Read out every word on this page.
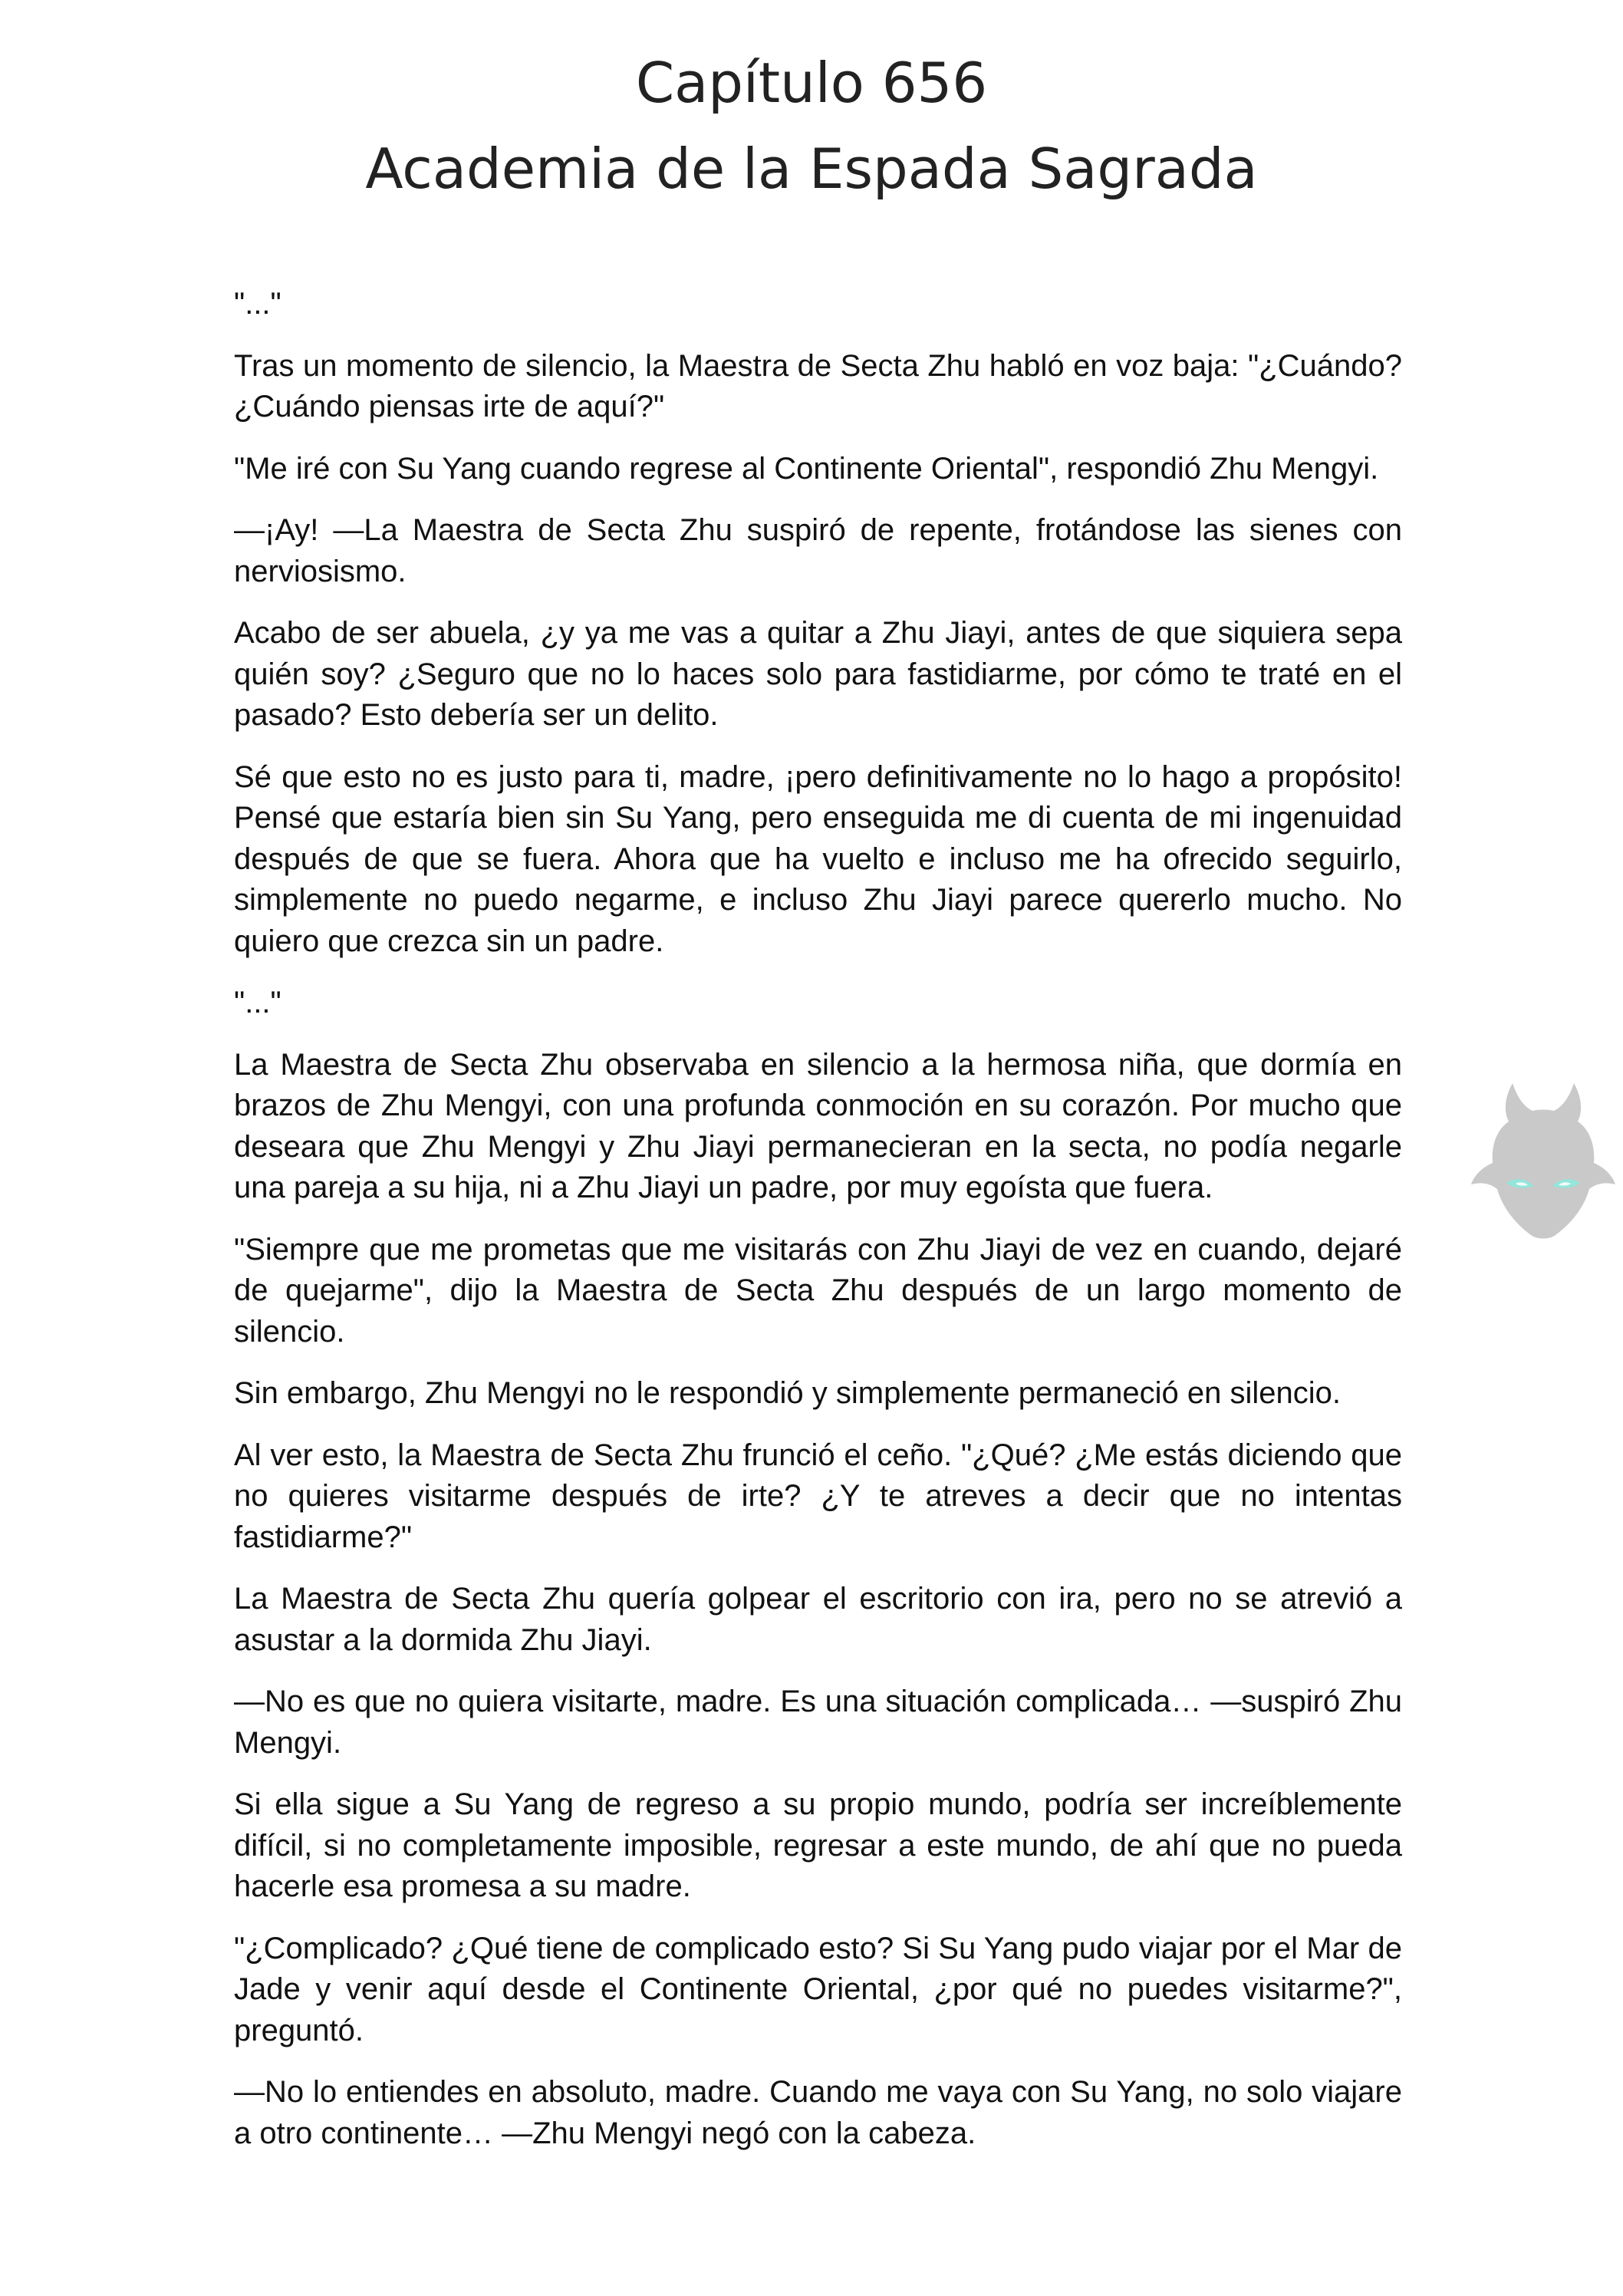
Capítulo 656
Academia de la Espada Sagrada

"..."

Tras un momento de silencio, la Maestra de Secta Zhu habló en voz baja: "¿Cuándo? ¿Cuándo piensas irte de aquí?"

"Me iré con Su Yang cuando regrese al Continente Oriental", respondió Zhu Mengyi.

—¡Ay! —La Maestra de Secta Zhu suspiró de repente, frotándose las sienes con nerviosismo.

Acabo de ser abuela, ¿y ya me vas a quitar a Zhu Jiayi, antes de que siquiera sepa quién soy? ¿Seguro que no lo haces solo para fastidiarme, por cómo te traté en el pasado? Esto debería ser un delito.

Sé que esto no es justo para ti, madre, ¡pero definitivamente no lo hago a propósito! Pensé que estaría bien sin Su Yang, pero enseguida me di cuenta de mi ingenuidad después de que se fuera. Ahora que ha vuelto e incluso me ha ofrecido seguirlo, simplemente no puedo negarme, e incluso Zhu Jiayi parece quererlo mucho. No quiero que crezca sin un padre.

"..."

La Maestra de Secta Zhu observaba en silencio a la hermosa niña, que dormía en brazos de Zhu Mengyi, con una profunda conmoción en su corazón. Por mucho que deseara que Zhu Mengyi y Zhu Jiayi permanecieran en la secta, no podía negarle una pareja a su hija, ni a Zhu Jiayi un padre, por muy egoísta que fuera.

"Siempre que me prometas que me visitarás con Zhu Jiayi de vez en cuando, dejaré de quejarme", dijo la Maestra de Secta Zhu después de un largo momento de silencio.

Sin embargo, Zhu Mengyi no le respondió y simplemente permaneció en silencio.

Al ver esto, la Maestra de Secta Zhu frunció el ceño. "¿Qué? ¿Me estás diciendo que no quieres visitarme después de irte? ¿Y te atreves a decir que no intentas fastidiarme?"

La Maestra de Secta Zhu quería golpear el escritorio con ira, pero no se atrevió a asustar a la dormida Zhu Jiayi.

—No es que no quiera visitarte, madre. Es una situación complicada… —suspiró Zhu Mengyi.

Si ella sigue a Su Yang de regreso a su propio mundo, podría ser increíblemente difícil, si no completamente imposible, regresar a este mundo, de ahí que no pueda hacerle esa promesa a su madre.

"¿Complicado? ¿Qué tiene de complicado esto? Si Su Yang pudo viajar por el Mar de Jade y venir aquí desde el Continente Oriental, ¿por qué no puedes visitarme?", preguntó.

—No lo entiendes en absoluto, madre. Cuando me vaya con Su Yang, no solo viajare a otro continente… —Zhu Mengyi negó con la cabeza.
